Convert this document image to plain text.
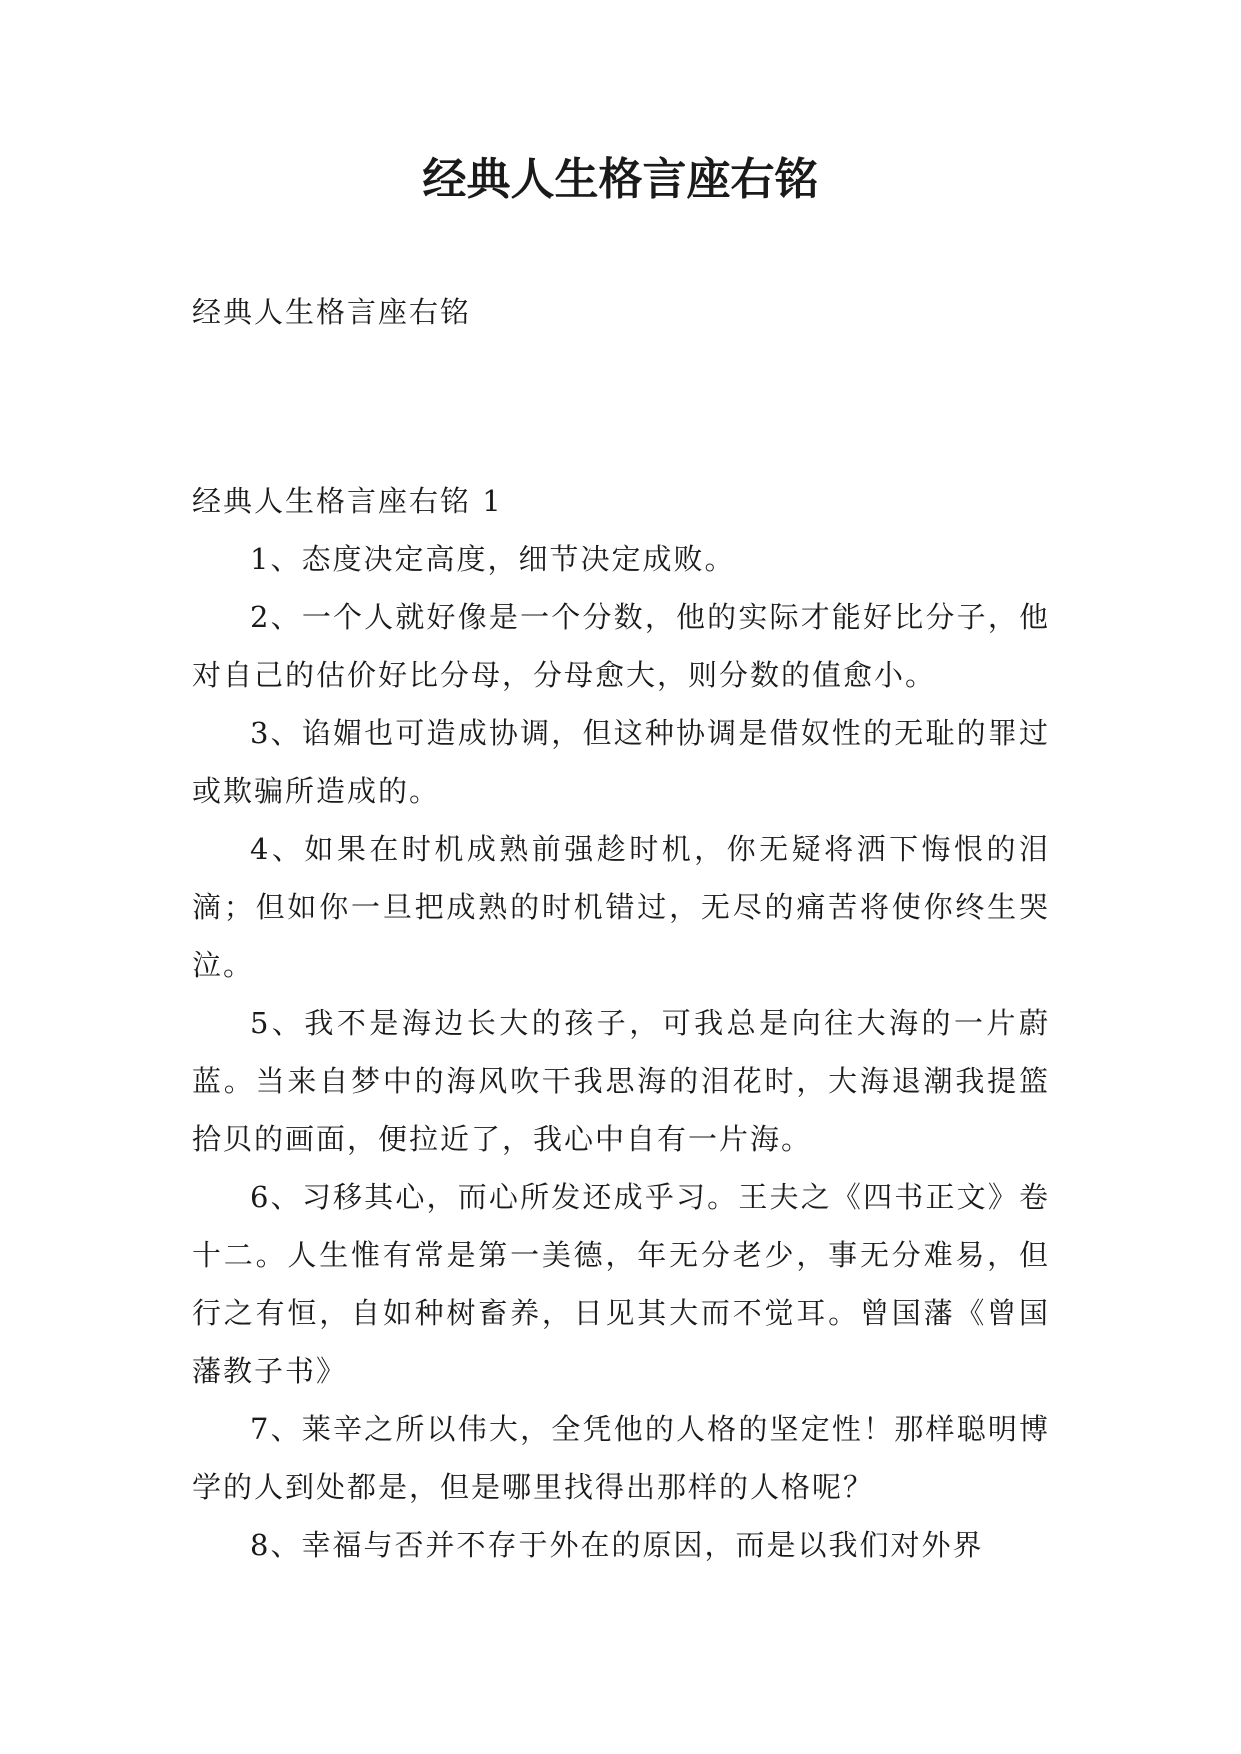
经典人生格言座右铭

经典人生格言座右铭

经典人生格言座右铭 1

1、态度决定高度，细节决定成败。

2、一个人就好像是一个分数，他的实际才能好比分子，他对自己的估价好比分母，分母愈大，则分数的值愈小。

3、谄媚也可造成协调，但这种协调是借奴性的无耻的罪过或欺骗所造成的。

4、如果在时机成熟前强趁时机，你无疑将洒下悔恨的泪滴；但如你一旦把成熟的时机错过，无尽的痛苦将使你终生哭泣。

5、我不是海边长大的孩子，可我总是向往大海的一片蔚蓝。当来自梦中的海风吹干我思海的泪花时，大海退潮我提篮拾贝的画面，便拉近了，我心中自有一片海。

6、习移其心，而心所发还成乎习。王夫之《四书正文》卷十二。人生惟有常是第一美德，年无分老少，事无分难易，但行之有恒，自如种树畜养，日见其大而不觉耳。曾国藩《曾国藩教子书》

7、莱辛之所以伟大，全凭他的人格的坚定性！那样聪明博学的人到处都是，但是哪里找得出那样的人格呢？

8、幸福与否并不存于外在的原因，而是以我们对外界
